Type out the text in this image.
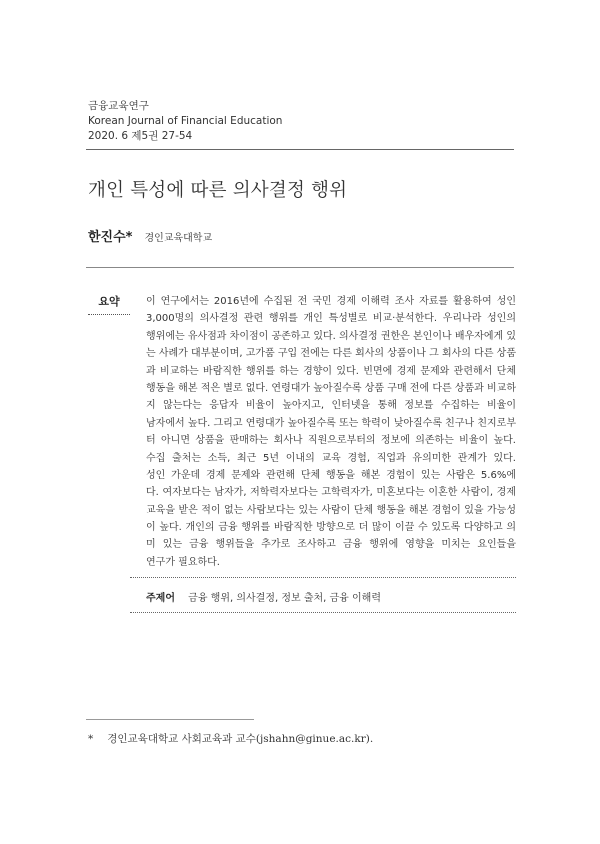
금융교육연구
Korean Journal of Financial Education
2020. 6 제5권 27-54
개인 특성에 따른 의사결정 행위
한진수* 경인교육대학교
요약	이 연구에서는 2016년에 수집된 전 국민 경제 이해력 조사 자료를 활용하여 성인
3,000명의 의사결정 관련 행위를 개인 특성별로 비교·분석한다. 우리나라 성인의
행위에는 유사점과 차이점이 공존하고 있다. 의사결정 권한은 본인이나 배우자에게 있
는 사례가 대부분이며, 고가품 구입 전에는 다른 회사의 상품이나 그 회사의 다른 상품
과 비교하는 바람직한 행위를 하는 경향이 있다. 빈면에 경제 문제와 관련해서 단체
행동을 해본 적은 별로 없다. 연령대가 높아질수록 상품 구매 전에 다른 상품과 비교하
지 않는다는 응답자 비율이 높아지고, 인터넷을 통해 정보를 수집하는 비율이
남자에서 높다. 그리고 연령대가 높아질수록 또는 학력이 낮아질수록 친구나 친지로부
터 아니면 상품을 판매하는 회사나 직원으로부터의 정보에 의존하는 비율이 높다.
수집 출처는 소득, 최근 5년 이내의 교육 경험, 직업과 유의미한 관계가 있다.
성인 가운데 경제 문제와 관련해 단체 행동을 해본 경험이 있는 사람은 5.6%에
다. 여자보다는 남자가, 저학력자보다는 고학력자가, 미혼보다는 이혼한 사람이, 경제
교육을 받은 적이 없는 사람보다는 있는 사람이 단체 행동을 해본 경험이 있을 가능성
이 높다. 개인의 금융 행위를 바람직한 방향으로 더 많이 이끌 수 있도록 다양하고 의
미 있는 금융 행위들을 추가로 조사하고 금융 행위에 영향을 미치는 요인들을
연구가 필요하다.
주제어 금융 행위, 의사결정, 정보 출처, 금융 이해력
* 경인교육대학교 사회교육과 교수(jshahn@ginue.ac.kr).
